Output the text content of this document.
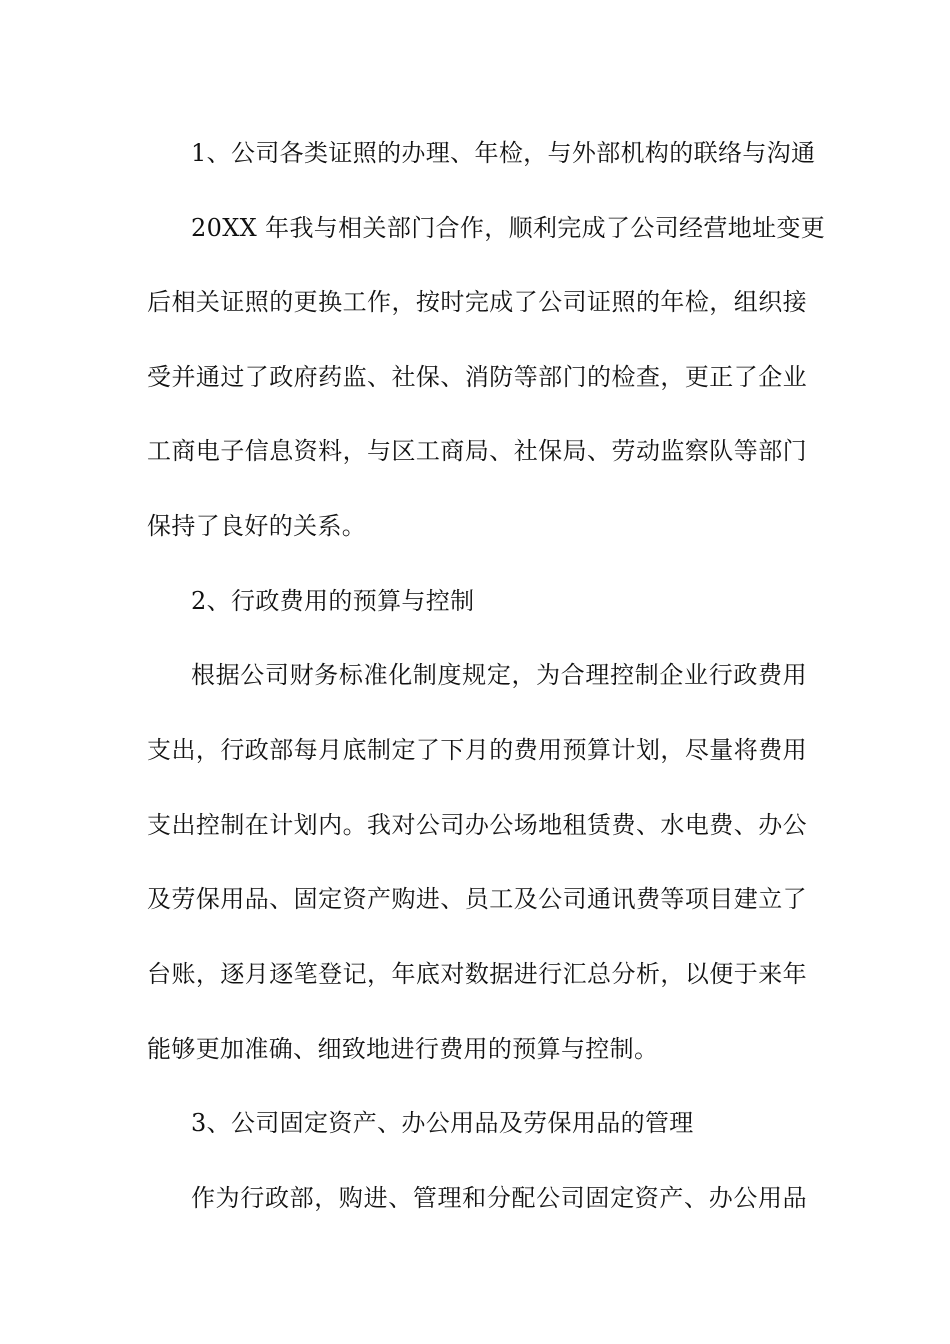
1、公司各类证照的办理、年检，与外部机构的联络与沟通
20XX 年我与相关部门合作，顺利完成了公司经营地址变更
后相关证照的更换工作，按时完成了公司证照的年检，组织接
受并通过了政府药监、社保、消防等部门的检查，更正了企业
工商电子信息资料，与区工商局、社保局、劳动监察队等部门
保持了良好的关系。
2、行政费用的预算与控制
根据公司财务标准化制度规定，为合理控制企业行政费用
支出，行政部每月底制定了下月的费用预算计划，尽量将费用
支出控制在计划内。我对公司办公场地租赁费、水电费、办公
及劳保用品、固定资产购进、员工及公司通讯费等项目建立了
台账，逐月逐笔登记，年底对数据进行汇总分析，以便于来年
能够更加准确、细致地进行费用的预算与控制。
3、公司固定资产、办公用品及劳保用品的管理
作为行政部，购进、管理和分配公司固定资产、办公用品
